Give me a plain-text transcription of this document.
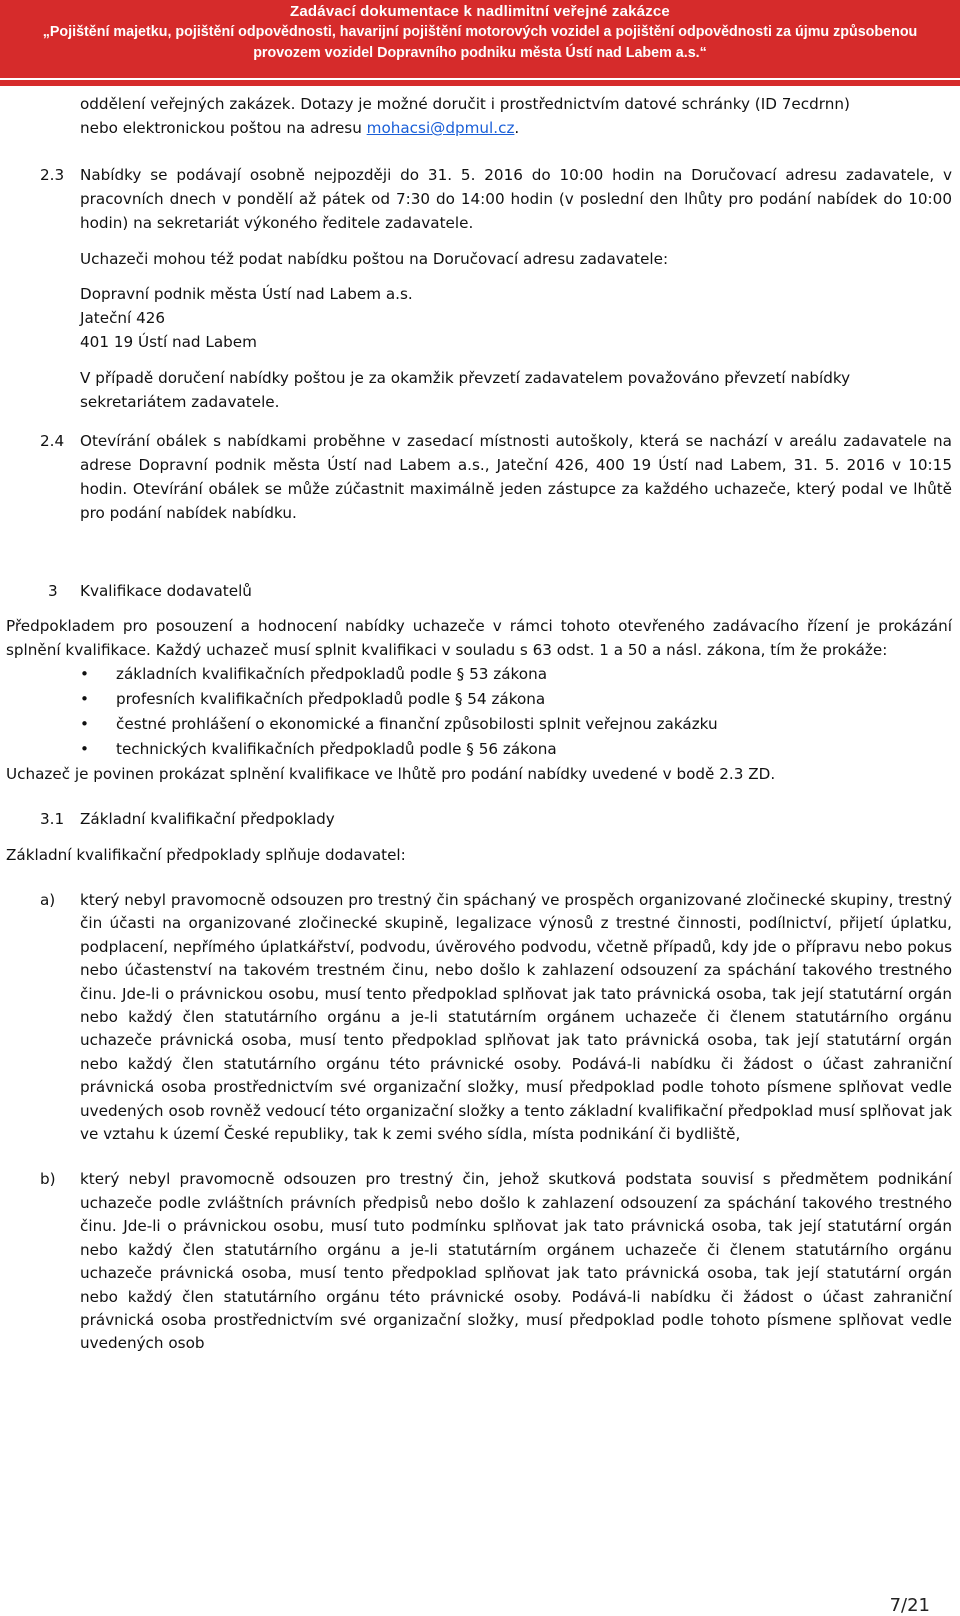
Zadávací dokumentace k nadlimitní veřejné zakázce
„Pojištění majetku, pojištění odpovědnosti, havarijní pojištění motorových vozidel a pojištění odpovědnosti za újmu způsobenou
provozem vozidel Dopravního podniku města Ústí nad Labem a.s.“

oddělení veřejných zakázek. Dotazy je možné doručit i prostřednictvím datové schránky (ID 7ecdrnn)
nebo elektronickou poštou na adresu mohacsi@dpmul.cz.

2.3 Nabídky se podávají osobně nejpozději do 31. 5. 2016 do 10:00 hodin na Doručovací adresu zadavatele, v pracovních dnech v pondělí až pátek od 7:30 do 14:00 hodin (v poslední den lhůty pro podání nabídek do 10:00 hodin) na sekretariát výkoného ředitele zadavatele.

Uchazeči mohou též podat nabídku poštou na Doručovací adresu zadavatele:

Dopravní podnik města Ústí nad Labem a.s.

Jateční 426

401 19 Ústí nad Labem

V případě doručení nabídky poštou je za okamžik převzetí zadavatelem považováno převzetí nabídky sekretariátem zadavatele.

2.4 Otevírání obálek s nabídkami proběhne v zasedací místnosti autoškoly, která se nachází v areálu zadavatele na adrese Dopravní podnik města Ústí nad Labem a.s., Jateční 426, 400 19 Ústí nad Labem, 31. 5. 2016 v 10:15 hodin. Otevírání obálek se může zúčastnit maximálně jeden zástupce za každého uchazeče, který podal ve lhůtě pro podání nabídek nabídku.

3 Kvalifikace dodavatelů

Předpokladem pro posouzení a hodnocení nabídky uchazeče v rámci tohoto otevřeného zadávacího řízení je prokázání splnění kvalifikace. Každý uchazeč musí splnit kvalifikaci v souladu s 63 odst. 1 a 50 a násl. zákona, tím že prokáže:

• základních kvalifikačních předpokladů podle § 53 zákona
• profesních kvalifikačních předpokladů podle § 54 zákona
• čestné prohlášení o ekonomické a finanční způsobilosti splnit veřejnou zakázku
• technických kvalifikačních předpokladů podle § 56 zákona

Uchazeč je povinen prokázat splnění kvalifikace ve lhůtě pro podání nabídky uvedené v bodě 2.3 ZD.

3.1 Základní kvalifikační předpoklady

Základní kvalifikační předpoklady splňuje dodavatel:

a) který nebyl pravomocně odsouzen pro trestný čin spáchaný ve prospěch organizované zločinecké skupiny, trestný čin účasti na organizované zločinecké skupině, legalizace výnosů z trestné činnosti, podílnictví, přijetí úplatku, podplacení, nepřímého úplatkářství, podvodu, úvěrového podvodu, včetně případů, kdy jde o přípravu nebo pokus nebo účastenství na takovém trestném činu, nebo došlo k zahlazení odsouzení za spáchání takového trestného činu. Jde-li o právnickou osobu, musí tento předpoklad splňovat jak tato právnická osoba, tak její statutární orgán nebo každý člen statutárního orgánu a je-li statutárním orgánem uchazeče či členem statutárního orgánu uchazeče právnická osoba, musí tento předpoklad splňovat jak tato právnická osoba, tak její statutární orgán nebo každý člen statutárního orgánu této právnické osoby. Podává-li nabídku či žádost o účast zahraniční právnická osoba prostřednictvím své organizační složky, musí předpoklad podle tohoto písmene splňovat vedle uvedených osob rovněž vedoucí této organizační složky a tento základní kvalifikační předpoklad musí splňovat jak ve vztahu k území České republiky, tak k zemi svého sídla, místa podnikání či bydliště,
b) který nebyl pravomocně odsouzen pro trestný čin, jehož skutková podstata souvisí s předmětem podnikání uchazeče podle zvláštních právních předpisů nebo došlo k zahlazení odsouzení za spáchání takového trestného činu. Jde-li o právnickou osobu, musí tuto podmínku splňovat jak tato právnická osoba, tak její statutární orgán nebo každý člen statutárního orgánu a je-li statutárním orgánem uchazeče či členem statutárního orgánu uchazeče právnická osoba, musí tento předpoklad splňovat jak tato právnická osoba, tak její statutární orgán nebo každý člen statutárního orgánu této právnické osoby. Podává-li nabídku či žádost o účast zahraniční právnická osoba prostřednictvím své organizační složky, musí předpoklad podle tohoto písmene splňovat vedle uvedených osob
7/21
